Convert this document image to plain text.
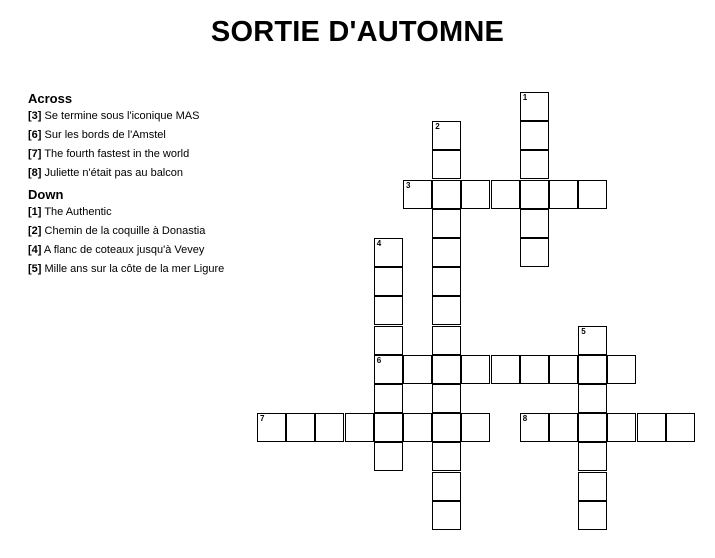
SORTIE D'AUTOMNE
Across
[3] Se termine sous l'iconique MAS
[6] Sur les bords de l'Amstel
[7] The fourth fastest in the world
[8] Juliette n'était pas au balcon
Down
[1] The Authentic
[2] Chemin de la coquille à Donastia
[4] A flanc de coteaux jusqu'à Vevey
[5] Mille ans sur la côte de la mer Ligure
1
2
3
4
6
5
7	8
